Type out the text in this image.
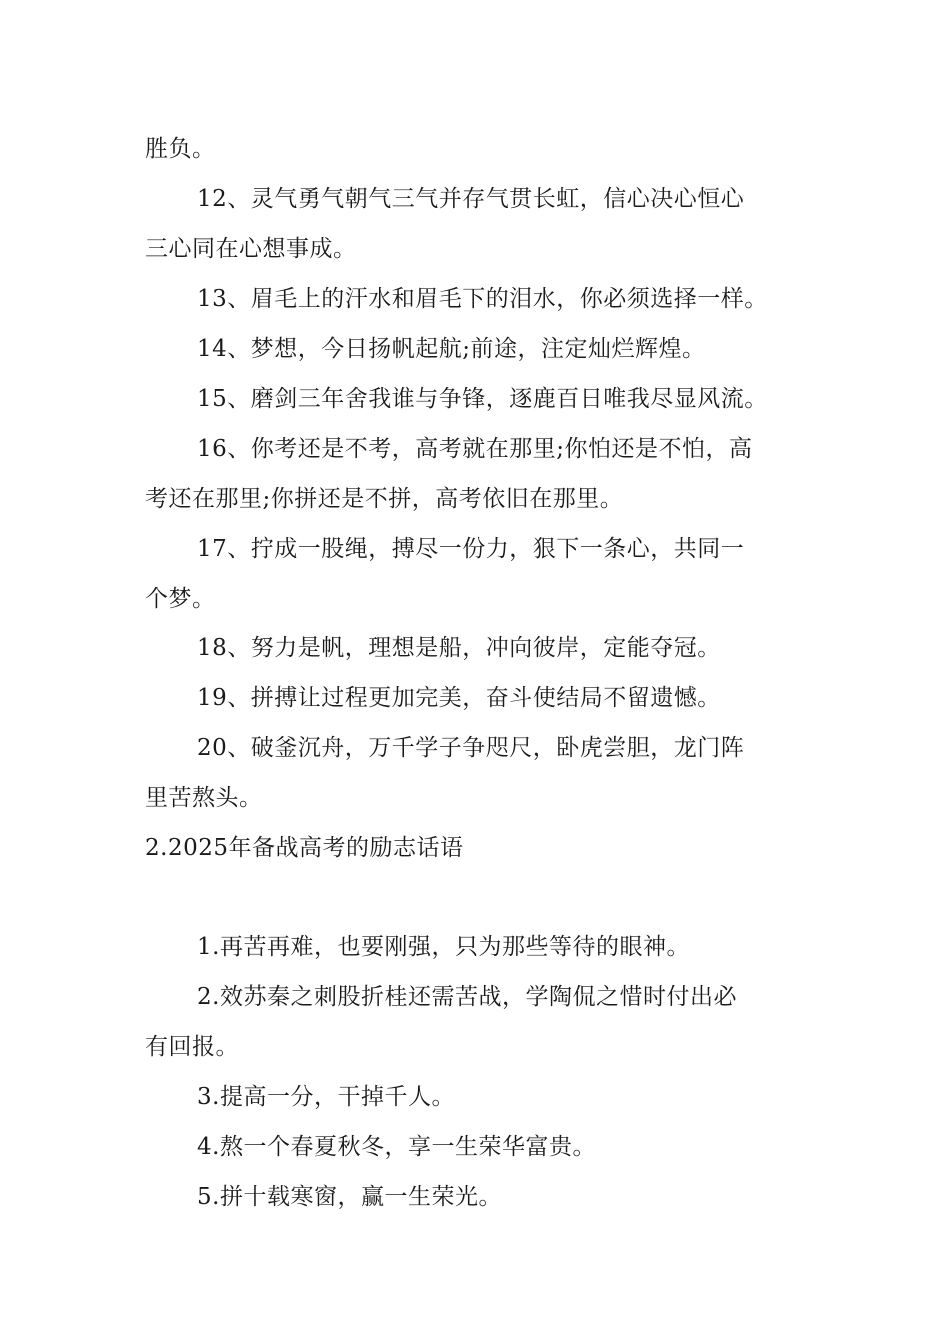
胜负。
12、灵气勇气朝气三气并存气贯长虹，信心决心恒心
三心同在心想事成。
13、眉毛上的汗水和眉毛下的泪水，你必须选择一样。
14、梦想，今日扬帆起航;前途，注定灿烂辉煌。
15、磨剑三年舍我谁与争锋，逐鹿百日唯我尽显风流。
16、你考还是不考，高考就在那里;你怕还是不怕，高
考还在那里;你拼还是不拼，高考依旧在那里。
17、拧成一股绳，搏尽一份力，狠下一条心，共同一
个梦。
18、努力是帆，理想是船，冲向彼岸，定能夺冠。
19、拼搏让过程更加完美，奋斗使结局不留遗憾。
20、破釜沉舟，万千学子争咫尺，卧虎尝胆，龙门阵
里苦熬头。
2.2025年备战高考的励志话语
1.再苦再难，也要刚强，只为那些等待的眼神。
2.效苏秦之刺股折桂还需苦战，学陶侃之惜时付出必
有回报。
3.提高一分，干掉千人。
4.熬一个春夏秋冬，享一生荣华富贵。
5.拼十载寒窗，赢一生荣光。
